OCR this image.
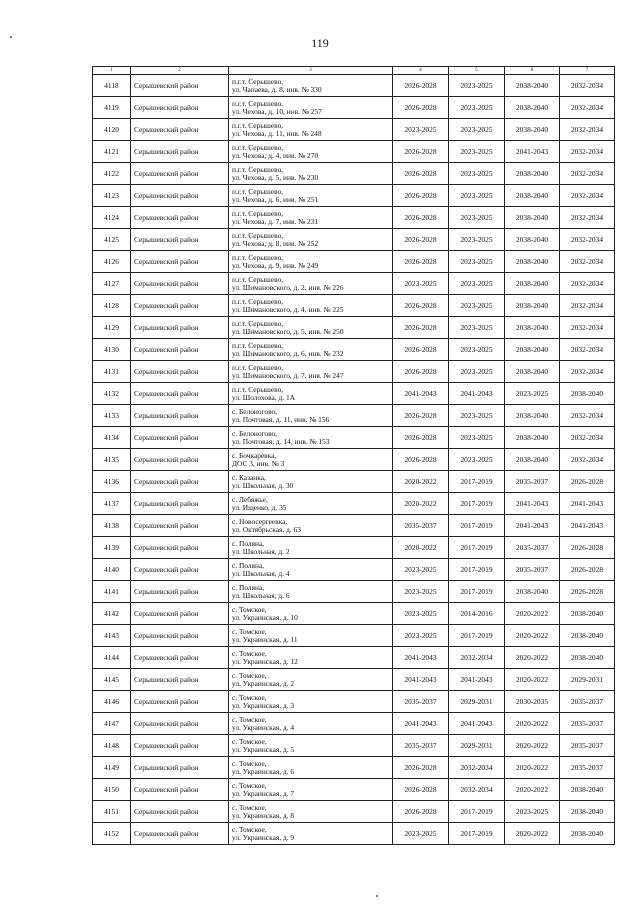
119
1	2	3	4	5	6	7
4118	Серышевский район	п.г.т. Серышево,
ул. Чапаева, д. 8, инв. № 330	2026-2028	2023-2025	2038-2040	2032-2034
4119	Серышевский район	п.г.т. Серышево,
ул. Чехова, д. 10, инв. № 257	2026-2028	2023-2025	2038-2040	2032-2034
4120	Серышевский район	п.г.т. Серышево,
ул. Чехова, д. 11, инв. № 248	2023-2025	2023-2025	2038-2040	2032-2034
4121	Серышевский район	п.г.т. Серышево,
ул. Чехова, д. 4, инв. № 270	2026-2028	2023-2025	2041-2043	2032-2034
4122	Серышевский район	п.г.т. Серышево,
ул. Чехова, д. 5, инв. № 230	2026-2028	2023-2025	2038-2040	2032-2034
4123	Серышевский район	п.г.т. Серышево,
ул. Чехова, д. 6, инв. № 251	2026-2028	2023-2025	2038-2040	2032-2034
4124	Серышевский район	п.г.т. Серышево,
ул. Чехова, д. 7, инв. № 231	2026-2028	2023-2025	2038-2040	2032-2034
4125	Серышевский район	п.г.т. Серышево,
ул. Чехова, д. 8, инв. № 252	2026-2028	2023-2025	2038-2040	2032-2034
4126	Серышевский район	п.г.т. Серышево,
ул. Чехова, д. 9, инв. № 249	2026-2028	2023-2025	2038-2040	2032-2034
4127	Серышевский район	п.г.т. Серышево,
ул. Шимановского, д. 2, инв. № 226	2023-2025	2023-2025	2038-2040	2032-2034
4128	Серышевский район	п.г.т. Серышево,
ул. Шимановского, д. 4, инв. № 225	2026-2028	2023-2025	2038-2040	2032-2034
4129	Серышевский район	п.г.т. Серышево,
ул. Шимановского, д. 5, инв. № 250	2026-2028	2023-2025	2038-2040	2032-2034
4130	Серышевский район	п.г.т. Серышево,
ул. Шимановского, д. 6, инв. № 232	2026-2028	2023-2025	2038-2040	2032-2034
4131	Серышевский район	п.г.т. Серышево,
ул. Шимановского, д. 7, инв. № 247	2026-2028	2023-2025	2038-2040	2032-2034
4132	Серышевский район	п.г.т. Серышево,
ул. Шолохова, д. 1А	2041-2043	2041-2043	2023-2025	2038-2040
4133	Серышевский район	с. Белоногово,
ул. Почтовая, д. 11, инв. № 156	2026-2028	2023-2025	2038-2040	2032-2034
4134	Серышевский район	с. Белоногово,
ул. Почтовая, д. 14, инв. № 153	2026-2028	2023-2025	2038-2040	2032-2034
4135	Серышевский район	с. Бочкаревка,
ДОС 3, инв. № 3	2026-2028	2023-2025	2038-2040	2032-2034
4136	Серышевский район	с. Казанка,
ул. Школьная, д. 30	2020-2022	2017-2019	2035-2037	2026-2028
4137	Серышевский район	с. Лебяжье,
ул. Ищенко, д. 35	2020-2022	2017-2019	2041-2043	2041-2043
4138	Серышевский район	с. Новосергеевка,
ул. Октябрьская, д. 63	2035-2037	2017-2019	2041-2043	2041-2043
4139	Серышевский район	с. Поляна,
ул. Школьная, д. 2	2020-2022	2017-2019	2035-2037	2026-2028
4140	Серышевский район	с. Поляна,
ул. Школьная, д. 4	2023-2025	2017-2019	2035-2037	2026-2028
4141	Серышевский район	с. Поляна,
ул. Школьная, д. 6	2023-2025	2017-2019	2038-2040	2026-2028
4142	Серышевский район	с. Томское,
ул. Украинская, д. 10	2023-2025	2014-2016	2020-2022	2038-2040
4143	Серышевский район	с. Томское,
ул. Украинская, д. 11	2023-2025	2017-2019	2020-2022	2038-2040
4144	Серышевский район	с. Томское,
ул. Украинская, д. 12	2041-2043	2032-2034	2020-2022	2038-2040
4145	Серышевский район	с. Томское,
ул. Украинская, д. 2	2041-2043	2041-2043	2020-2022	2029-2031
4146	Серышевский район	с. Томское,
ул. Украинская, д. 3	2035-2037	2029-2031	2030-2035	2035-2037
4147	Серышевский район	с. Томское,
ул. Украинская, д. 4	2041-2043	2041-2043	2020-2022	2035-2037
4148	Серышевский район	с. Томское,
ул. Украинская, д. 5	2035-2037	2029-2031	2020-2022	2035-2037
4149	Серышевский район	с. Томское,
ул. Украинская, д. 6	2026-2028	2032-2034	2020-2022	2035-2037
4150	Серышевский район	с. Томское,
ул. Украинская, д. 7	2026-2028	2032-2034	2020-2022	2038-2040
4151	Серышевский район	с. Томское,
ул. Украинская, д. 8	2026-2028	2017-2019	2023-2025	2038-2040
4152	Серышевский район	с. Томское,
ул. Украинская, д. 9	2023-2025	2017-2019	2020-2022	2038-2040
